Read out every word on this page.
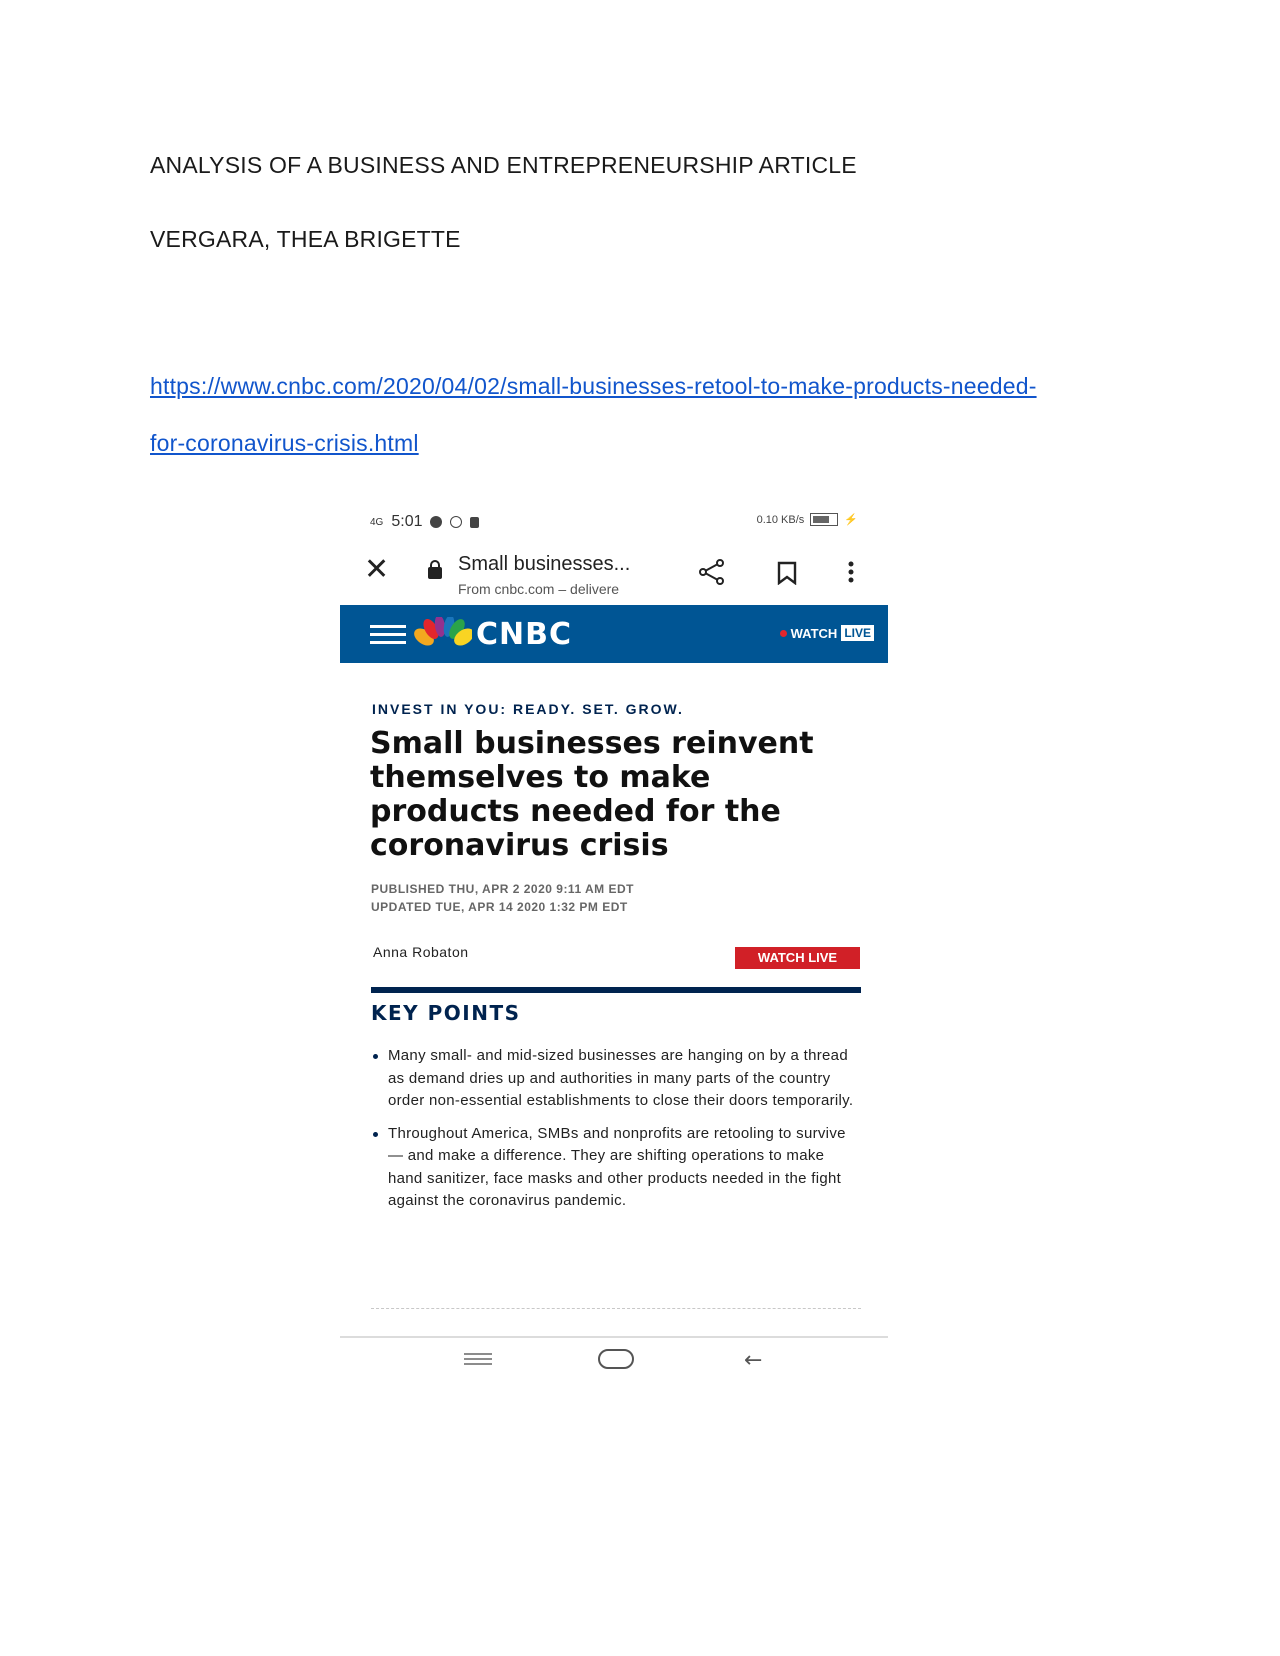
ANALYSIS OF A BUSINESS AND ENTREPRENEURSHIP ARTICLE
VERGARA, THEA BRIGETTE
https://www.cnbc.com/2020/04/02/small-businesses-retool-to-make-products-needed-
for-coronavirus-crisis.html
4G 5:01	0.10 KB/s	⚡
✕	Small businesses...
From cnbc.com – delivere
CNBC	WATCH LIVE
INVEST IN YOU: READY. SET. GROW.
Small businesses reinvent themselves to make products needed for the coronavirus crisis
PUBLISHED THU, APR 2 2020 9:11 AM EDT
UPDATED TUE, APR 14 2020 1:32 PM EDT
Anna Robaton	WATCH LIVE
KEY POINTS
Many small- and mid-sized businesses are hanging on by a thread as demand dries up and authorities in many parts of the country order non-essential establishments to close their doors temporarily.
Throughout America, SMBs and nonprofits are retooling to survive — and make a difference. They are shifting operations to make hand sanitizer, face masks and other products needed in the fight against the coronavirus pandemic.
←
